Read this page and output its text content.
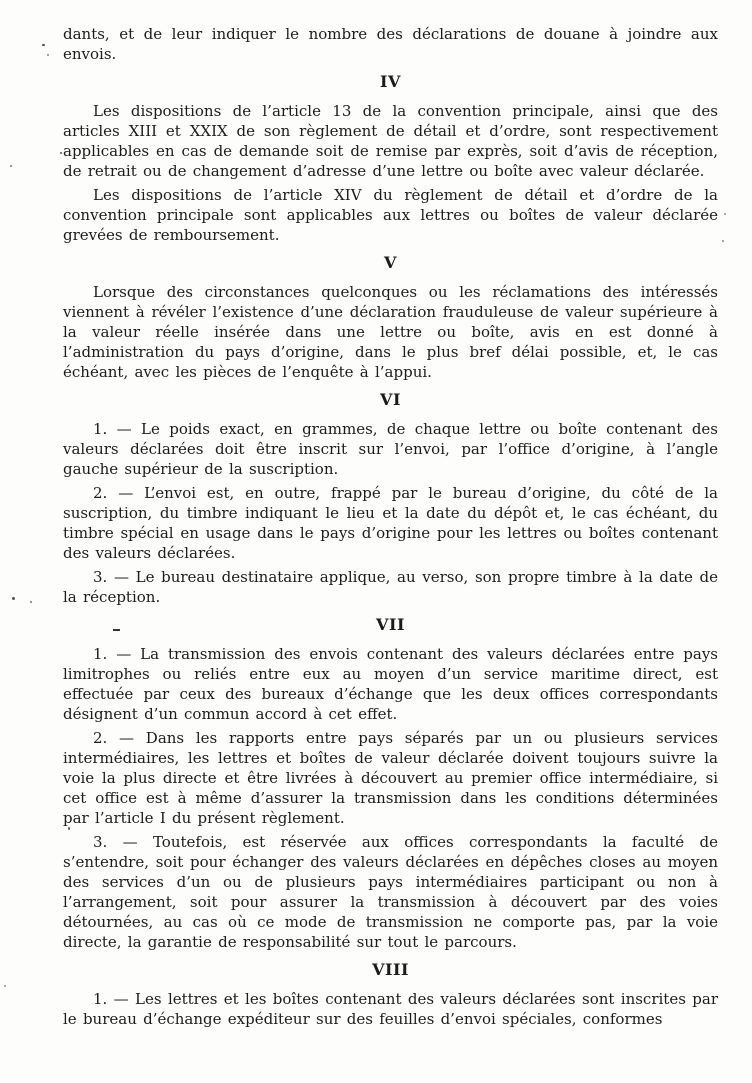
dants, et de leur indiquer le nombre des déclarations de douane à joindre aux envois.

IV

Les dispositions de l’article 13 de la convention principale, ainsi que des articles XIII et XXIX de son règlement de détail et d’ordre, sont respectivement applicables en cas de demande soit de remise par exprès, soit d’avis de réception, de retrait ou de changement d’adresse d’une lettre ou boîte avec valeur déclarée.

Les dispositions de l’article XIV du règlement de détail et d’ordre de la convention principale sont applicables aux lettres ou boîtes de valeur déclarée grevées de remboursement.

V

Lorsque des circonstances quelconques ou les réclamations des intéressés viennent à révéler l’existence d’une déclaration frauduleuse de valeur supérieure à la valeur réelle insérée dans une lettre ou boîte, avis en est donné à l’administration du pays d’origine, dans le plus bref délai possible, et, le cas échéant, avec les pièces de l’enquête à l’appui.

VI

1. — Le poids exact, en grammes, de chaque lettre ou boîte contenant des valeurs déclarées doit être inscrit sur l’envoi, par l’office d’origine, à l’angle gauche supérieur de la suscription.

2. — L’envoi est, en outre, frappé par le bureau d’origine, du côté de la suscription, du timbre indiquant le lieu et la date du dépôt et, le cas échéant, du timbre spécial en usage dans le pays d’origine pour les lettres ou boîtes contenant des valeurs déclarées.

3. — Le bureau destinataire applique, au verso, son propre timbre à la date de la réception.

VII

1. — La transmission des envois contenant des valeurs déclarées entre pays limitrophes ou reliés entre eux au moyen d’un service maritime direct, est effectuée par ceux des bureaux d’échange que les deux offices correspondants désignent d’un commun accord à cet effet.

2. — Dans les rapports entre pays séparés par un ou plusieurs services intermédiaires, les lettres et boîtes de valeur déclarée doivent toujours suivre la voie la plus directe et être livrées à découvert au premier office intermédiaire, si cet office est à même d’assurer la transmission dans les conditions déterminées par l’article I du présent règlement.

3. — Toutefois, est réservée aux offices correspondants la faculté de s’entendre, soit pour échanger des valeurs déclarées en dépêches closes au moyen des services d’un ou de plusieurs pays intermédiaires participant ou non à l’arrangement, soit pour assurer la transmission à découvert par des voies détournées, au cas où ce mode de transmission ne comporte pas, par la voie directe, la garantie de responsabilité sur tout le parcours.

VIII

1. — Les lettres et les boîtes contenant des valeurs déclarées sont inscrites par le bureau d’échange expéditeur sur des feuilles d’envoi spéciales, conformes
